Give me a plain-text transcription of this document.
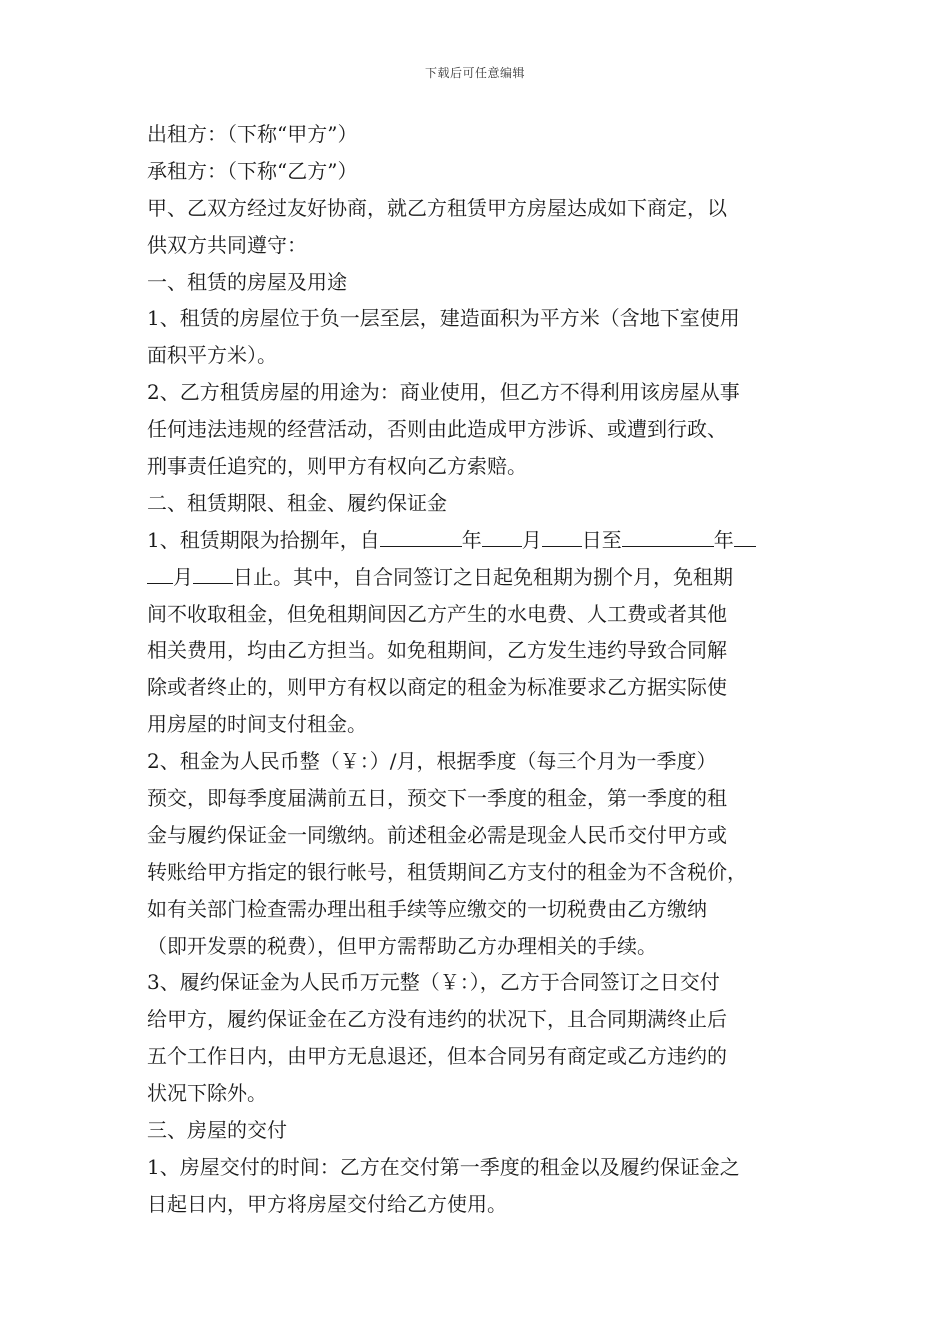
下载后可任意编辑
出租方：（下称“甲方”）
承租方：（下称“乙方”）
甲、乙双方经过友好协商，就乙方租赁甲方房屋达成如下商定，以
供双方共同遵守：
一、租赁的房屋及用途
1、租赁的房屋位于负一层至层，建造面积为平方米（含地下室使用
面积平方米）。
2、乙方租赁房屋的用途为：商业使用，但乙方不得利用该房屋从事
任何违法违规的经营活动，否则由此造成甲方涉诉、或遭到行政、
刑事责任追究的，则甲方有权向乙方索赔。
二、租赁期限、租金、履约保证金
1、租赁期限为拾捌年，自	年 月 日至	年
月 日止。其中，自合同签订之日起免租期为捌个月，免租期
间不收取租金，但免租期间因乙方产生的水电费、人工费或者其他
相关费用，均由乙方担当。如免租期间，乙方发生违约导致合同解
除或者终止的，则甲方有权以商定的租金为标准要求乙方据实际使
用房屋的时间支付租金。
2、租金为人民币整（￥：）/月，根据季度（每三个月为一季度）
预交，即每季度届满前五日，预交下一季度的租金，第一季度的租
金与履约保证金一同缴纳。前述租金必需是现金人民币交付甲方或
转账给甲方指定的银行帐号，租赁期间乙方支付的租金为不含税价，
如有关部门检查需办理出租手续等应缴交的一切税费由乙方缴纳
（即开发票的税费），但甲方需帮助乙方办理相关的手续。
3、履约保证金为人民币万元整（￥：），乙方于合同签订之日交付
给甲方，履约保证金在乙方没有违约的状况下，且合同期满终止后
五个工作日内，由甲方无息退还，但本合同另有商定或乙方违约的
状况下除外。
三、房屋的交付
1、房屋交付的时间：乙方在交付第一季度的租金以及履约保证金之
日起日内，甲方将房屋交付给乙方使用。
